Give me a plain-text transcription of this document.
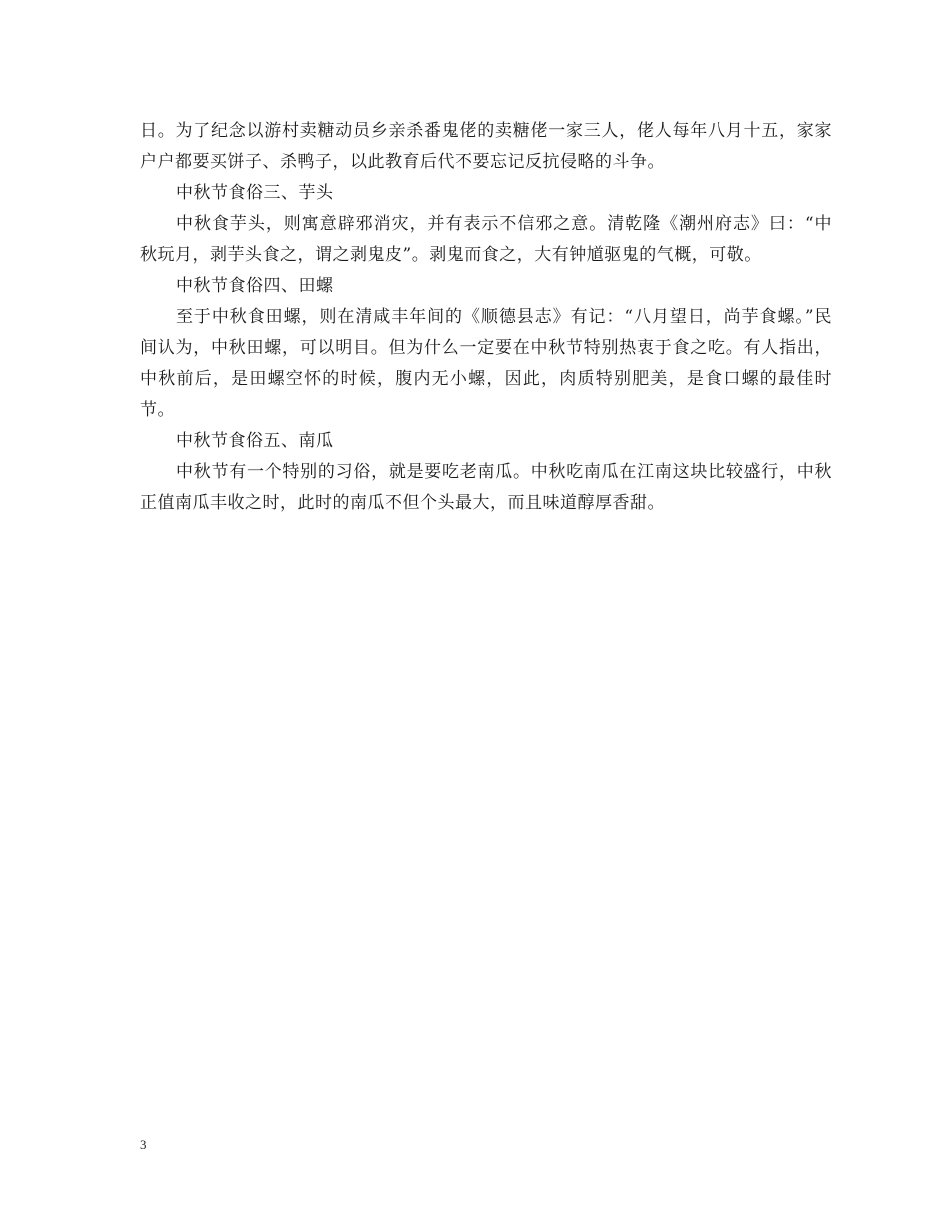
日。为了纪念以游村卖糖动员乡亲杀番鬼佬的卖糖佬一家三人，佬人每年八月十五，家家户户都要买饼子、杀鸭子，以此教育后代不要忘记反抗侵略的斗争。

中秋节食俗三、芋头

中秋食芋头，则寓意辟邪消灾，并有表示不信邪之意。清乾隆《潮州府志》曰：“中秋玩月，剥芋头食之，谓之剥鬼皮”。剥鬼而食之，大有钟馗驱鬼的气概，可敬。

中秋节食俗四、田螺

至于中秋食田螺，则在清咸丰年间的《顺德县志》有记：“八月望日，尚芋食螺。”民间认为，中秋田螺，可以明目。但为什么一定要在中秋节特别热衷于食之吃。有人指出，中秋前后，是田螺空怀的时候，腹内无小螺，因此，肉质特别肥美，是食口螺的最佳时节。

中秋节食俗五、南瓜

中秋节有一个特别的习俗，就是要吃老南瓜。中秋吃南瓜在江南这块比较盛行，中秋正值南瓜丰收之时，此时的南瓜不但个头最大，而且味道醇厚香甜。

3
